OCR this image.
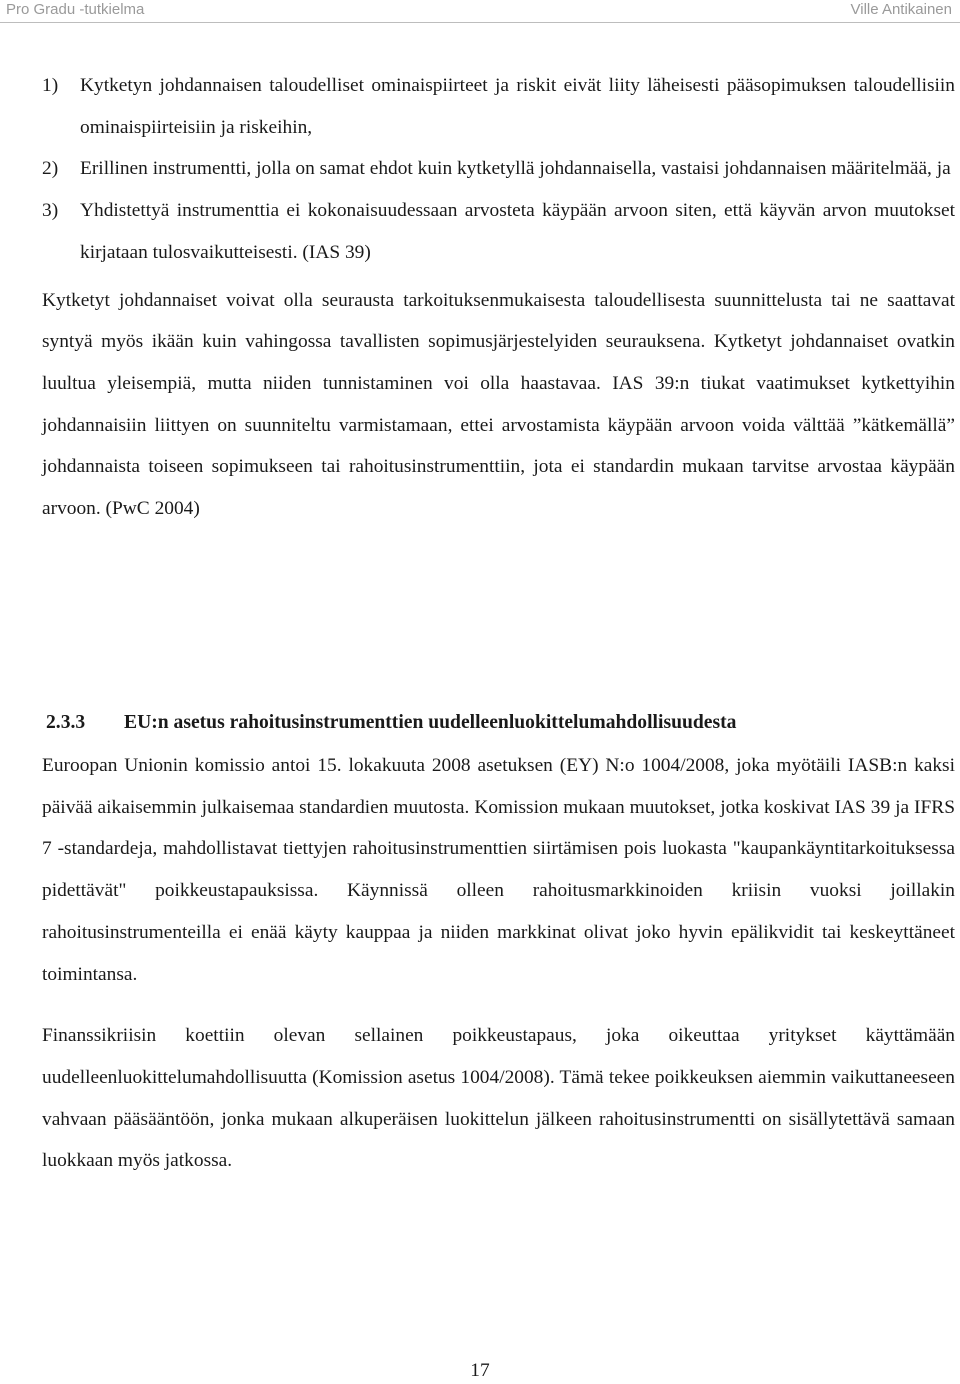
Pro Gradu -tutkielma	Ville Antikainen
1)	Kytketyn johdannaisen taloudelliset ominaispiirteet ja riskit eivät liity läheisesti pääsopimuksen taloudellisiin ominaispiirteisiin ja riskeihin,
2)	Erillinen instrumentti, jolla on samat ehdot kuin kytketyllä johdannaisella, vastaisi johdannaisen määritelmää, ja
3)	Yhdistettyä instrumenttia ei kokonaisuudessaan arvosteta käypään arvoon siten, että käyvän arvon muutokset kirjataan tulosvaikutteisesti. (IAS 39)

Kytketyt johdannaiset voivat olla seurausta tarkoituksenmukaisesta taloudellisesta suunnittelusta tai ne saattavat syntyä myös ikään kuin vahingossa tavallisten sopimusjärjestelyiden seurauksena. Kytketyt johdannaiset ovatkin luultua yleisempiä, mutta niiden tunnistaminen voi olla haastavaa. IAS 39:n tiukat vaatimukset kytkettyihin johdannaisiin liittyen on suunniteltu varmistamaan, ettei arvostamista käypään arvoon voida välttää ”kätkemällä” johdannaista toiseen sopimukseen tai rahoitusinstrumenttiin, jota ei standardin mukaan tarvitse arvostaa käypään arvoon. (PwC 2004)

2.3.3	EU:n asetus rahoitusinstrumenttien uudelleenluokittelumahdollisuudesta

Euroopan Unionin komissio antoi 15. lokakuuta 2008 asetuksen (EY) N:o 1004/2008, joka myötäili IASB:n kaksi päivää aikaisemmin julkaisemaa standardien muutosta. Komission mukaan muutokset, jotka koskivat IAS 39 ja IFRS 7 -standardeja, mahdollistavat tiettyjen rahoitusinstrumenttien siirtämisen pois luokasta "kaupankäyntitarkoituksessa pidettävät" poikkeustapauksissa. Käynnissä olleen rahoitusmarkkinoiden kriisin vuoksi joillakin rahoitusinstrumenteilla ei enää käyty kauppaa ja niiden markkinat olivat joko hyvin epälikvidit tai keskeyttäneet toimintansa.

Finanssikriisin koettiin olevan sellainen poikkeustapaus, joka oikeuttaa yritykset käyttämään uudelleenluokittelumahdollisuutta (Komission asetus 1004/2008). Tämä tekee poikkeuksen aiemmin vaikuttaneeseen vahvaan pääsääntöön, jonka mukaan alkuperäisen luokittelun jälkeen rahoitusinstrumentti on sisällytettävä samaan luokkaan myös jatkossa.

17
